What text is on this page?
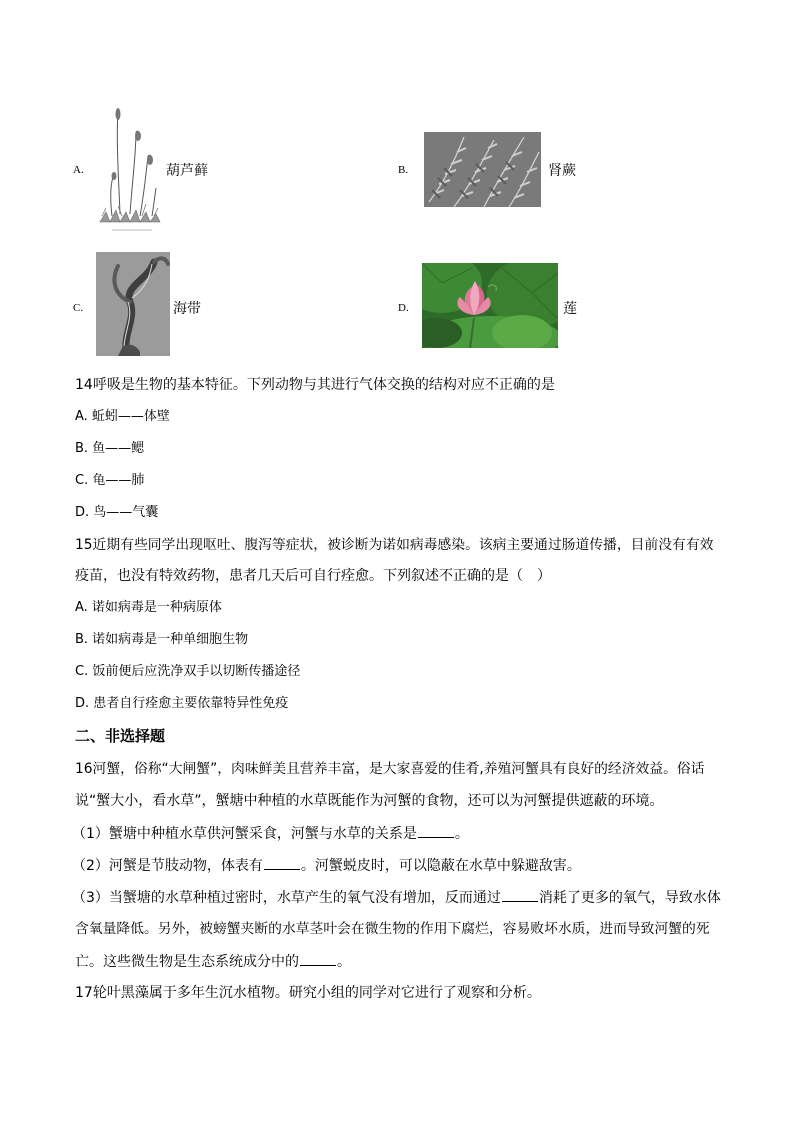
A.	葫芦藓	B.	肾蕨
C.	海带	D.	莲
14呼吸是生物的基本特征。下列动物与其进行气体交换的结构对应不正确的是
A. 蚯蚓——体壁
B. 鱼——鳃
C. 龟——肺
D. 鸟——气囊
15近期有些同学出现呕吐、腹泻等症状，被诊断为诺如病毒感染。该病主要通过肠道传播，目前没有有效
疫苗，也没有特效药物，患者几天后可自行痊愈。下列叙述不正确的是（　）
A. 诺如病毒是一种病原体
B. 诺如病毒是一种单细胞生物
C. 饭前便后应洗净双手以切断传播途径
D. 患者自行痊愈主要依靠特异性免疫
二、非选择题
16河蟹，俗称“大闸蟹”，肉味鲜美且营养丰富，是大家喜爱的佳肴,养殖河蟹具有良好的经济效益。俗话
说“蟹大小，看水草”，蟹塘中种植的水草既能作为河蟹的食物，还可以为河蟹提供遮蔽的环境。
（1）蟹塘中种植水草供河蟹采食，河蟹与水草的关系是	。
（2）河蟹是节肢动物，体表有	。河蟹蜕皮时，可以隐蔽在水草中躲避敌害。
（3）当蟹塘的水草种植过密时，水草产生的氧气没有增加，反而通过	消耗了更多的氧气，导致水体
含氧量降低。另外，被螃蟹夹断的水草茎叶会在微生物的作用下腐烂，容易败坏水质，进而导致河蟹的死
亡。这些微生物是生态系统成分中的	。
17轮叶黑藻属于多年生沉水植物。研究小组的同学对它进行了观察和分析。
